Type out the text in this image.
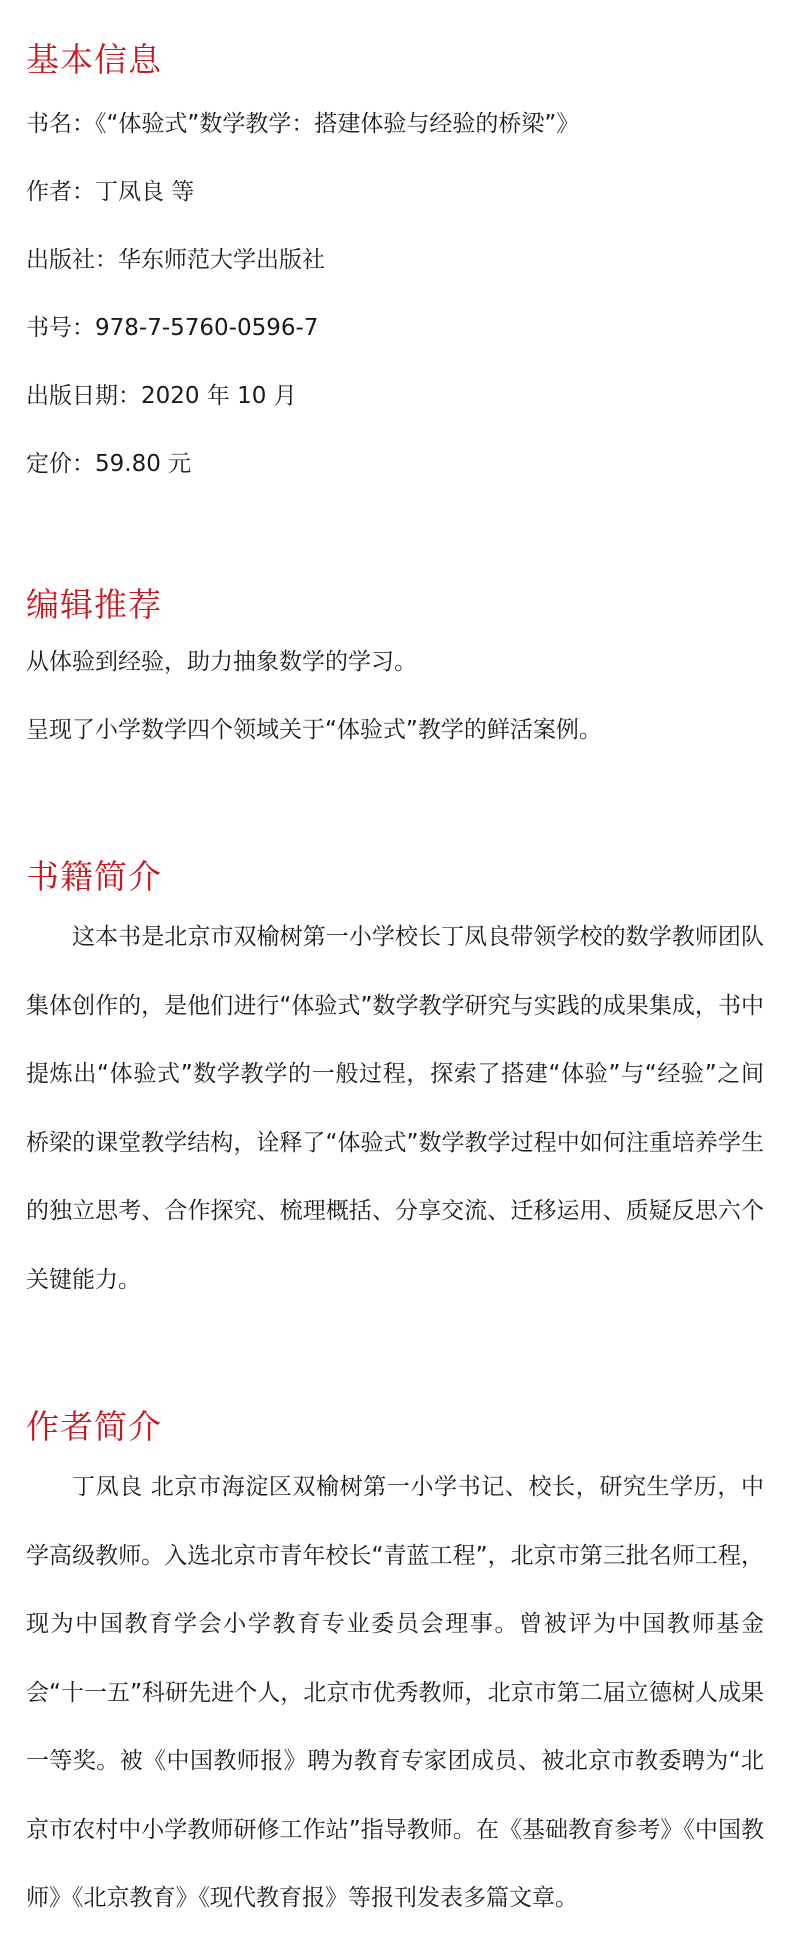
基本信息

书名：《“体验式”数学教学：搭建体验与经验的桥梁”》

作者：丁凤良 等

出版社：华东师范大学出版社

书号：978-7-5760-0596-7

出版日期：2020 年 10 月

定价：59.80 元

编辑推荐

从体验到经验，助力抽象数学的学习。

呈现了小学数学四个领域关于“体验式”教学的鲜活案例。

书籍简介

这本书是北京市双榆树第一小学校长丁凤良带领学校的数学教师团队集体创作的，是他们进行“体验式”数学教学研究与实践的成果集成，书中提炼出“体验式”数学教学的一般过程，探索了搭建“体验”与“经验”之间桥梁的课堂教学结构，诠释了“体验式”数学教学过程中如何注重培养学生的独立思考、合作探究、梳理概括、分享交流、迁移运用、质疑反思六个关键能力。

作者简介

丁凤良 北京市海淀区双榆树第一小学书记、校长，研究生学历，中学高级教师。入选北京市青年校长“青蓝工程”，北京市第三批名师工程，现为中国教育学会小学教育专业委员会理事。曾被评为中国教师基金会“十一五”科研先进个人，北京市优秀教师，北京市第二届立德树人成果一等奖。被《中国教师报》聘为教育专家团成员、被北京市教委聘为“北京市农村中小学教师研修工作站”指导教师。在《基础教育参考》《中国教师》《北京教育》《现代教育报》等报刊发表多篇文章。
